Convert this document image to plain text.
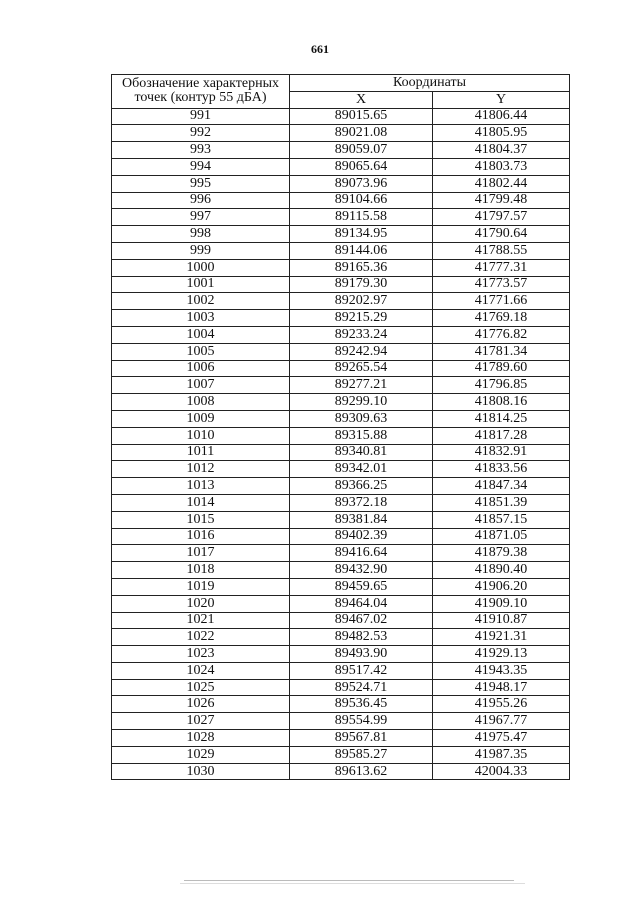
661
Обозначение характерных точек (контур 55 дБА)	Координаты	
	X	Y
991	89015.65	41806.44
992	89021.08	41805.95
993	89059.07	41804.37
994	89065.64	41803.73
995	89073.96	41802.44
996	89104.66	41799.48
997	89115.58	41797.57
998	89134.95	41790.64
999	89144.06	41788.55
1000	89165.36	41777.31
1001	89179.30	41773.57
1002	89202.97	41771.66
1003	89215.29	41769.18
1004	89233.24	41776.82
1005	89242.94	41781.34
1006	89265.54	41789.60
1007	89277.21	41796.85
1008	89299.10	41808.16
1009	89309.63	41814.25
1010	89315.88	41817.28
1011	89340.81	41832.91
1012	89342.01	41833.56
1013	89366.25	41847.34
1014	89372.18	41851.39
1015	89381.84	41857.15
1016	89402.39	41871.05
1017	89416.64	41879.38
1018	89432.90	41890.40
1019	89459.65	41906.20
1020	89464.04	41909.10
1021	89467.02	41910.87
1022	89482.53	41921.31
1023	89493.90	41929.13
1024	89517.42	41943.35
1025	89524.71	41948.17
1026	89536.45	41955.26
1027	89554.99	41967.77
1028	89567.81	41975.47
1029	89585.27	41987.35
1030	89613.62	42004.33
